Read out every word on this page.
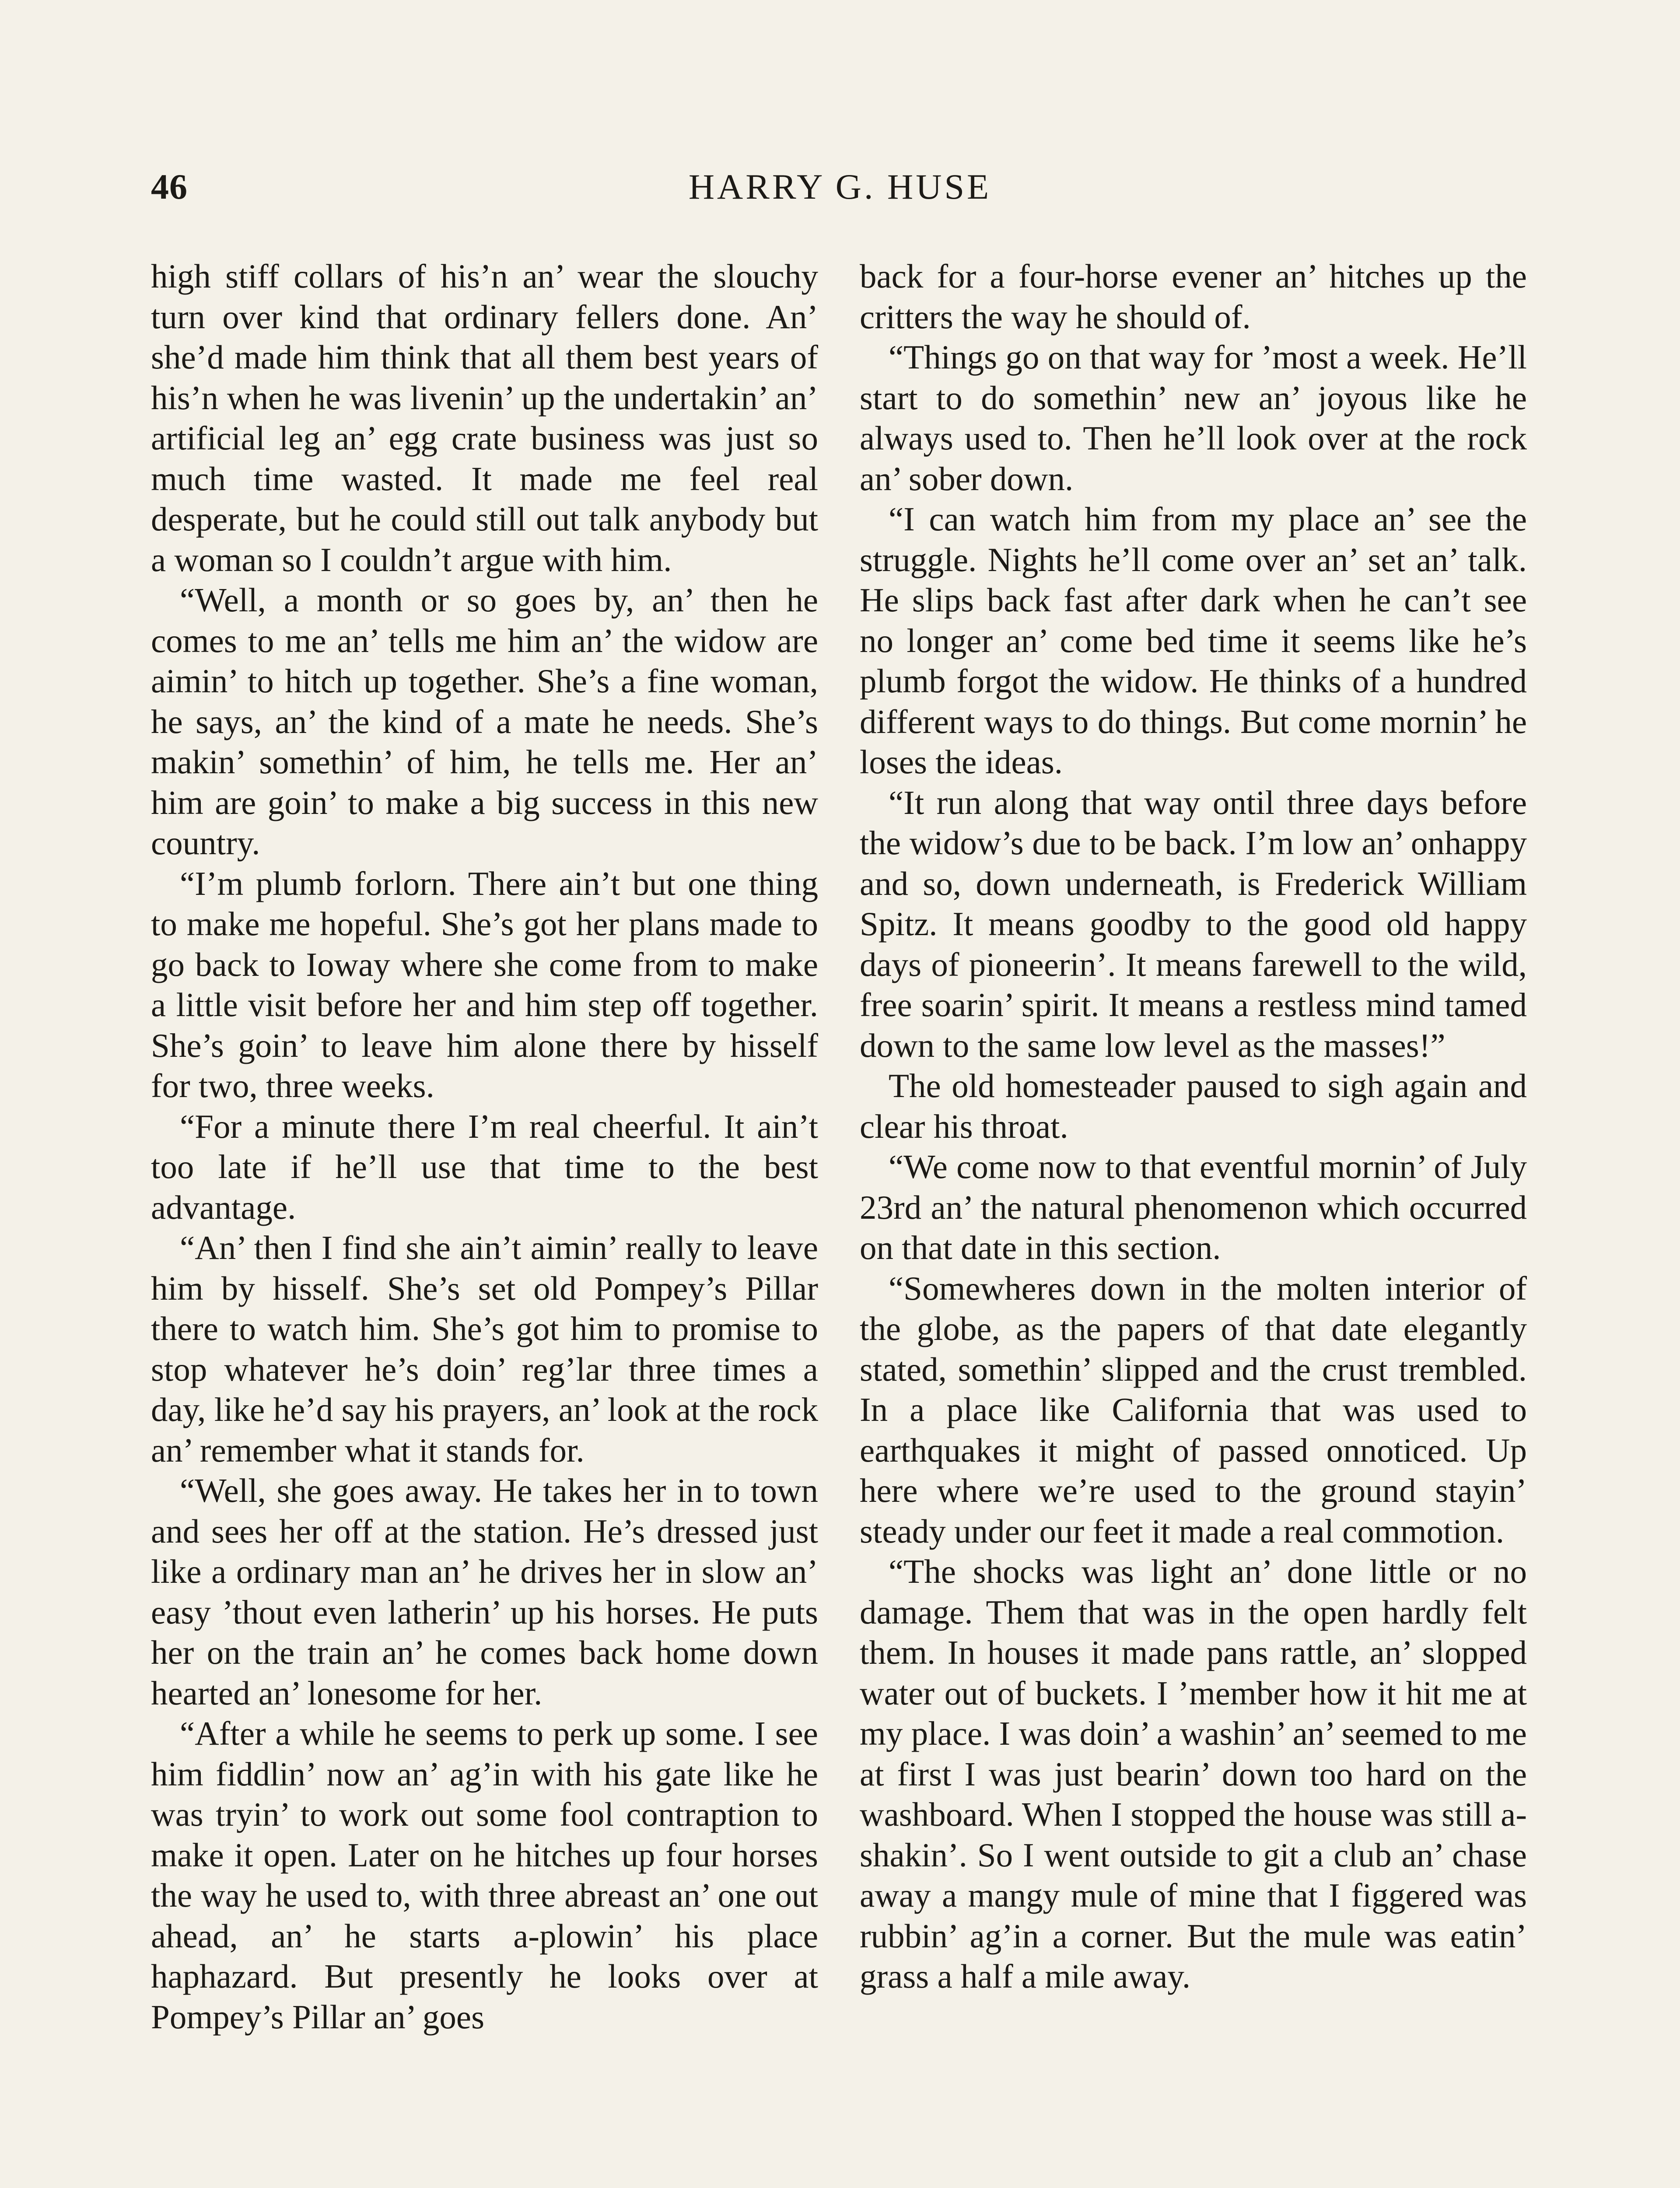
46	HARRY G. HUSE

high stiff collars of his’n an’ wear the slouchy turn over kind that ordinary fellers done. An’ she’d made him think that all them best years of his’n when he was livenin’ up the undertakin’ an’ artificial leg an’ egg crate business was just so much time wasted. It made me feel real desperate, but he could still out talk anybody but a woman so I couldn’t argue with him.

“Well, a month or so goes by, an’ then he comes to me an’ tells me him an’ the widow are aimin’ to hitch up together. She’s a fine woman, he says, an’ the kind of a mate he needs. She’s makin’ somethin’ of him, he tells me. Her an’ him are goin’ to make a big success in this new country.

“I’m plumb forlorn. There ain’t but one thing to make me hopeful. She’s got her plans made to go back to Ioway where she come from to make a little visit before her and him step off together. She’s goin’ to leave him alone there by hisself for two, three weeks.

“For a minute there I’m real cheerful. It ain’t too late if he’ll use that time to the best advantage.

“An’ then I find she ain’t aimin’ really to leave him by hisself. She’s set old Pompey’s Pillar there to watch him. She’s got him to promise to stop whatever he’s doin’ reg’lar three times a day, like he’d say his prayers, an’ look at the rock an’ remember what it stands for.

“Well, she goes away. He takes her in to town and sees her off at the station. He’s dressed just like a ordinary man an’ he drives her in slow an’ easy ’thout even latherin’ up his horses. He puts her on the train an’ he comes back home down hearted an’ lonesome for her.

“After a while he seems to perk up some. I see him fiddlin’ now an’ ag’in with his gate like he was tryin’ to work out some fool contraption to make it open. Later on he hitches up four horses the way he used to, with three abreast an’ one out ahead, an’ he starts a-plowin’ his place haphazard. But presently he looks over at Pompey’s Pillar an’ goes

back for a four-horse evener an’ hitches up the critters the way he should of.

“Things go on that way for ’most a week. He’ll start to do somethin’ new an’ joyous like he always used to. Then he’ll look over at the rock an’ sober down.

“I can watch him from my place an’ see the struggle. Nights he’ll come over an’ set an’ talk. He slips back fast after dark when he can’t see no longer an’ come bed time it seems like he’s plumb forgot the widow. He thinks of a hundred different ways to do things. But come mornin’ he loses the ideas.

“It run along that way ontil three days before the widow’s due to be back. I’m low an’ onhappy and so, down underneath, is Frederick William Spitz. It means goodby to the good old happy days of pioneerin’. It means farewell to the wild, free soarin’ spirit. It means a restless mind tamed down to the same low level as the masses!”

The old homesteader paused to sigh again and clear his throat.

“We come now to that eventful mornin’ of July 23rd an’ the natural phenomenon which occurred on that date in this section.

“Somewheres down in the molten interior of the globe, as the papers of that date elegantly stated, somethin’ slipped and the crust trembled. In a place like California that was used to earthquakes it might of passed onnoticed. Up here where we’re used to the ground stayin’ steady under our feet it made a real commotion.

“The shocks was light an’ done little or no damage. Them that was in the open hardly felt them. In houses it made pans rattle, an’ slopped water out of buckets. I ’member how it hit me at my place. I was doin’ a washin’ an’ seemed to me at first I was just bearin’ down too hard on the washboard. When I stopped the house was still a-shakin’. So I went outside to git a club an’ chase away a mangy mule of mine that I figgered was rubbin’ ag’in a corner. But the mule was eatin’ grass a half a mile away.
